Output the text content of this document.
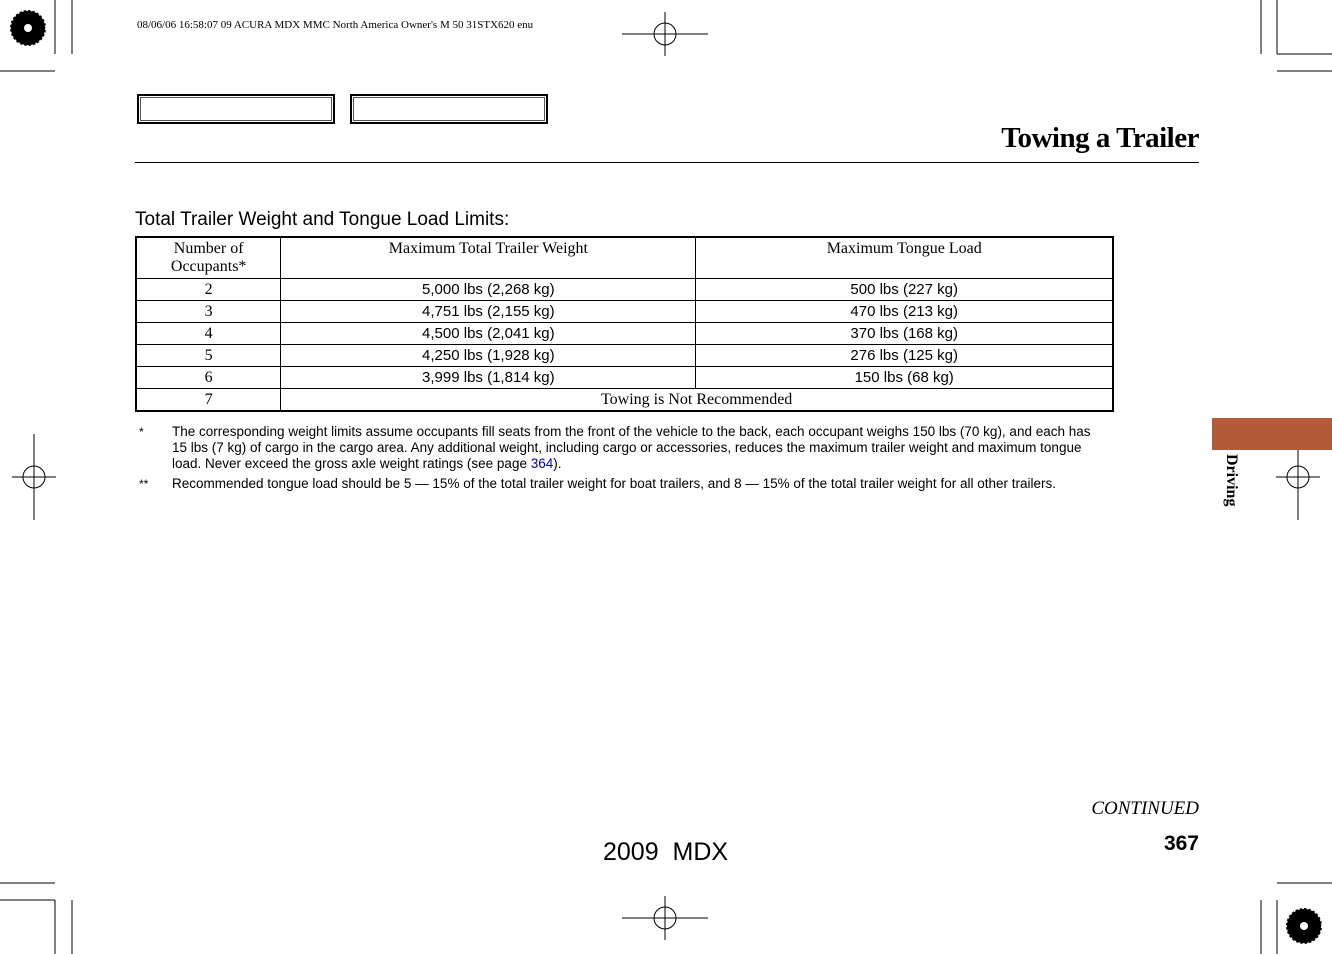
08/06/06 16:58:07 09 ACURA MDX MMC North America Owner's M 50 31STX620 enu
Towing a Trailer
Total Trailer Weight and Tongue Load Limits:
Number of
Occupants*	Maximum Total Trailer Weight	Maximum Tongue Load
2	5,000 lbs (2,268 kg)	500 lbs (227 kg)
3	4,751 lbs (2,155 kg)	470 lbs (213 kg)
4	4,500 lbs (2,041 kg)	370 lbs (168 kg)
5	4,250 lbs (1,928 kg)	276 lbs (125 kg)
6	3,999 lbs (1,814 kg)	150 lbs (68 kg)
7	Towing is Not Recommended	
* The corresponding weight limits assume occupants fill seats from the front of the vehicle to the back, each occupant weighs 150 lbs (70 kg), and each has 15 lbs (7 kg) of cargo in the cargo area. Any additional weight, including cargo or accessories, reduces the maximum trailer weight and maximum tongue load. Never exceed the gross axle weight ratings (see page 364).
** Recommended tongue load should be 5 — 15% of the total trailer weight for boat trailers, and 8 — 15% of the total trailer weight for all other trailers.	Driving
CONTINUED
367
2009  MDX
